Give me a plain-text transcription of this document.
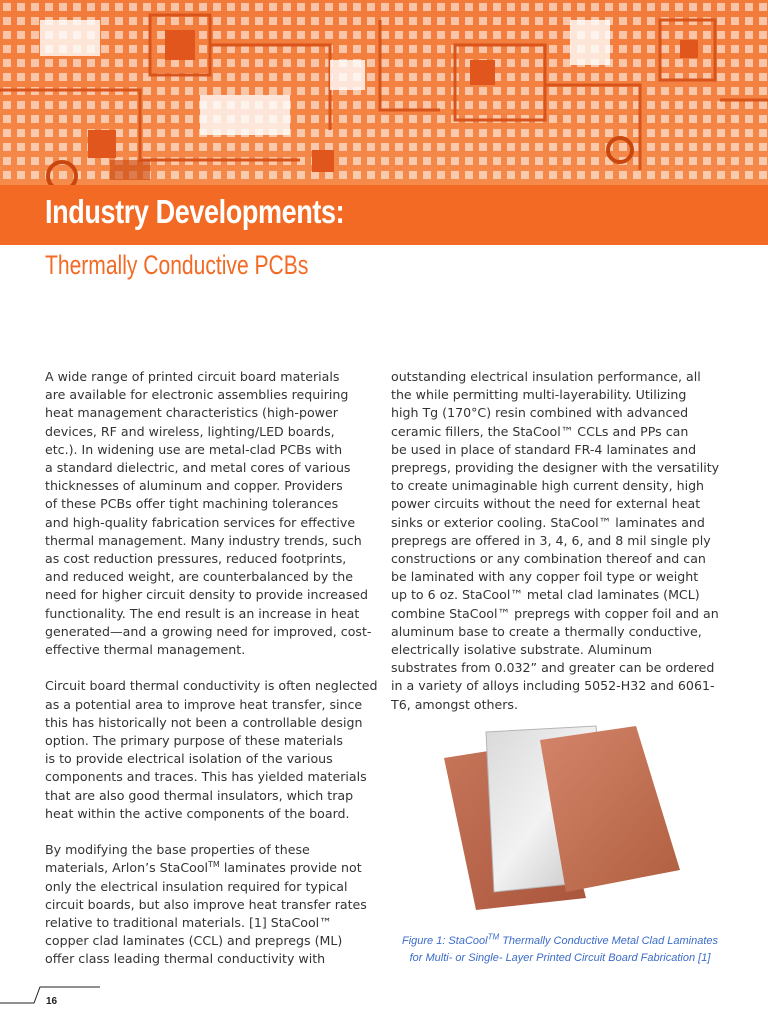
Industry Developments:
Thermally Conductive PCBs

A wide range of printed circuit board materials
are available for electronic assemblies requiring
heat management characteristics (high-power
devices, RF and wireless, lighting/LED boards,
etc.). In widening use are metal-clad PCBs with
a standard dielectric, and metal cores of various
thicknesses of aluminum and copper. Providers
of these PCBs offer tight machining tolerances
and high-quality fabrication services for effective
thermal management. Many industry trends, such
as cost reduction pressures, reduced footprints,
and reduced weight, are counterbalanced by the
need for higher circuit density to provide increased
functionality. The end result is an increase in heat
generated—and a growing need for improved, cost-
effective thermal management.

Circuit board thermal conductivity is often neglected
as a potential area to improve heat transfer, since
this has historically not been a controllable design
option. The primary purpose of these materials
is to provide electrical isolation of the various
components and traces. This has yielded materials
that are also good thermal insulators, which trap
heat within the active components of the board.

By modifying the base properties of these
materials, Arlon’s StaCool™ laminates provide not
only the electrical insulation required for typical
circuit boards, but also improve heat transfer rates
relative to traditional materials. [1] StaCool™
copper clad laminates (CCL) and prepregs (ML)
offer class leading thermal conductivity with

outstanding electrical insulation performance, all
the while permitting multi-layerability. Utilizing
high Tg (170°C) resin combined with advanced
ceramic fillers, the StaCool™ CCLs and PPs can
be used in place of standard FR-4 laminates and
prepregs, providing the designer with the versatility
to create unimaginable high current density, high
power circuits without the need for external heat
sinks or exterior cooling. StaCool™ laminates and
prepregs are offered in 3, 4, 6, and 8 mil single ply
constructions or any combination thereof and can
be laminated with any copper foil type or weight
up to 6 oz. StaCool™ metal clad laminates (MCL)
combine StaCool™ prepregs with copper foil and an
aluminum base to create a thermally conductive,
electrically isolative substrate. Aluminum
substrates from 0.032” and greater can be ordered
in a variety of alloys including 5052-H32 and 6061-
T6, amongst others.

Figure 1: StaCool™ Thermally Conductive Metal Clad Laminates
for Multi- or Single- Layer Printed Circuit Board Fabrication [1]
16
